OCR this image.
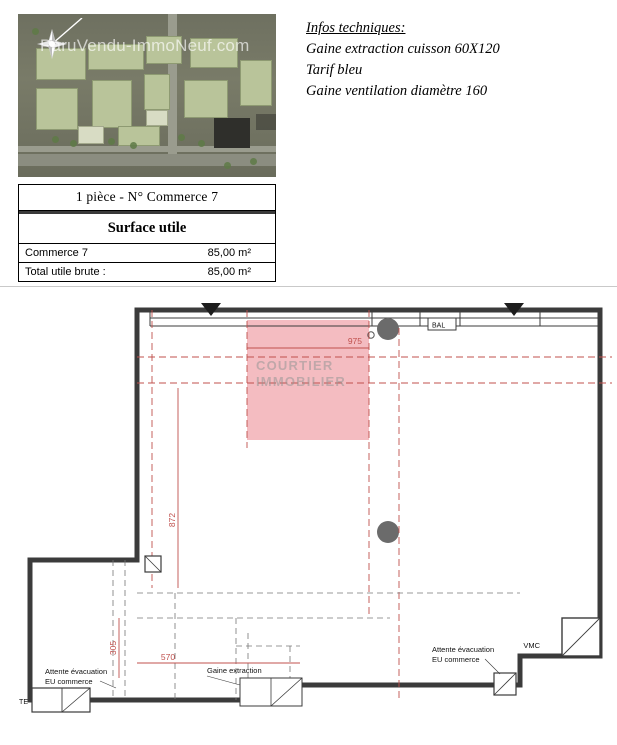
ParuVendu-ImmoNeuf.com
1 pièce - N° Commerce 7
Surface utile
Commerce 7	85,00 m²
Total utile brute :	85,00 m²
Infos techniques:
Gaine extraction cuisson 60X120
Tarif bleu
Gaine ventilation diamètre 160
BAL
975
872
305
570
VMC
TE
Gaine extraction
Attente évacuation
EU commerce
Attente évacuation
EU commerce
COURTIER
IMMOBILIER
